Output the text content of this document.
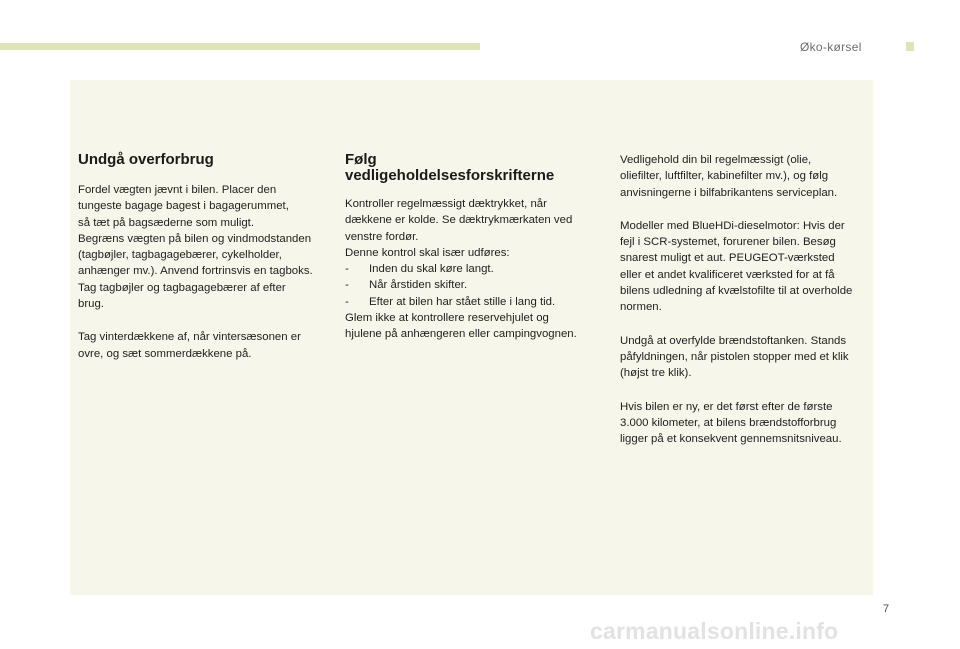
Øko-kørsel
Undgå overforbrug

Fordel vægten jævnt i bilen. Placer den
tungeste bagage bagest i bagagerummet,
så tæt på bagsæderne som muligt.
Begræns vægten på bilen og vindmodstanden
(tagbøjler, tagbagagebærer, cykelholder,
anhænger mv.). Anvend fortrinsvis en tagboks.
Tag tagbøjler og tagbagagebærer af efter
brug.

Tag vinterdækkene af, når vintersæsonen er
ovre, og sæt sommerdækkene på.

Følg
vedligeholdelsesforskrifterne

Kontroller regelmæssigt dæktrykket, når
dækkene er kolde. Se dæktrykmærkaten ved
venstre fordør.
Denne kontrol skal især udføres:

- Inden du skal køre langt.
- Når årstiden skifter.
- Efter at bilen har stået stille i lang tid.

Glem ikke at kontrollere reservehjulet og
hjulene på anhængeren eller campingvognen.

Vedligehold din bil regelmæssigt (olie,
oliefilter, luftfilter, kabinefilter mv.), og følg
anvisningerne i bilfabrikantens serviceplan.

Modeller med BlueHDi-dieselmotor: Hvis der
fejl i SCR-systemet, forurener bilen. Besøg
snarest muligt et aut. PEUGEOT-værksted
eller et andet kvalificeret værksted for at få
bilens udledning af kvælstofilte til at overholde
normen.

Undgå at overfylde brændstoftanken. Stands
påfyldningen, når pistolen stopper med et klik
(højst tre klik).

Hvis bilen er ny, er det først efter de første
3.000 kilometer, at bilens brændstofforbrug
ligger på et konsekvent gennemsnitsniveau.

7
carmanualsonline.info
